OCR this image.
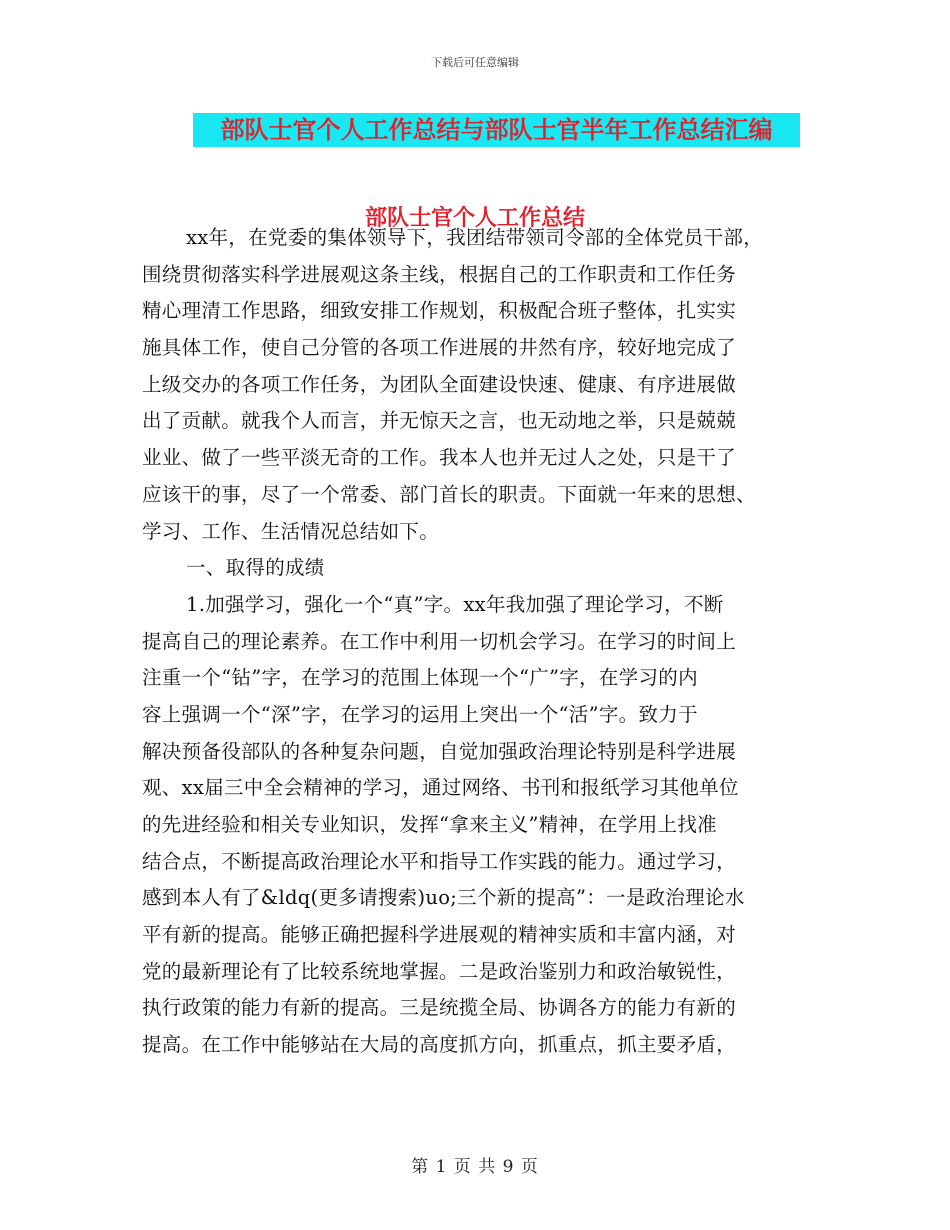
下载后可任意编辑
部队士官个人工作总结与部队士官半年工作总结汇编
部队士官个人工作总结
xx年，在党委的集体领导下，我团结带领司令部的全体党员干部，
围绕贯彻落实科学进展观这条主线，根据自己的工作职责和工作任务
精心理清工作思路，细致安排工作规划，积极配合班子整体，扎实实
施具体工作，使自己分管的各项工作进展的井然有序，较好地完成了
上级交办的各项工作任务，为团队全面建设快速、健康、有序进展做
出了贡献。就我个人而言，并无惊天之言，也无动地之举，只是兢兢
业业、做了一些平淡无奇的工作。我本人也并无过人之处，只是干了
应该干的事，尽了一个常委、部门首长的职责。下面就一年来的思想、
学习、工作、生活情况总结如下。
一、取得的成绩
1.加强学习，强化一个“真”字。xx年我加强了理论学习，不断
提高自己的理论素养。在工作中利用一切机会学习。在学习的时间上
注重一个“钻”字，在学习的范围上体现一个“广”字，在学习的内
容上强调一个“深”字，在学习的运用上突出一个“活”字。致力于
解决预备役部队的各种复杂问题，自觉加强政治理论特别是科学进展
观、xx届三中全会精神的学习，通过网络、书刊和报纸学习其他单位
的先进经验和相关专业知识，发挥“拿来主义”精神，在学用上找准
结合点，不断提高政治理论水平和指导工作实践的能力。通过学习，
感到本人有了&ldq(更多请搜索)uo;三个新的提高”：一是政治理论水
平有新的提高。能够正确把握科学进展观的精神实质和丰富内涵，对
党的最新理论有了比较系统地掌握。二是政治鉴别力和政治敏锐性，
执行政策的能力有新的提高。三是统揽全局、协调各方的能力有新的
提高。在工作中能够站在大局的高度抓方向，抓重点，抓主要矛盾，
第 1 页 共 9 页
